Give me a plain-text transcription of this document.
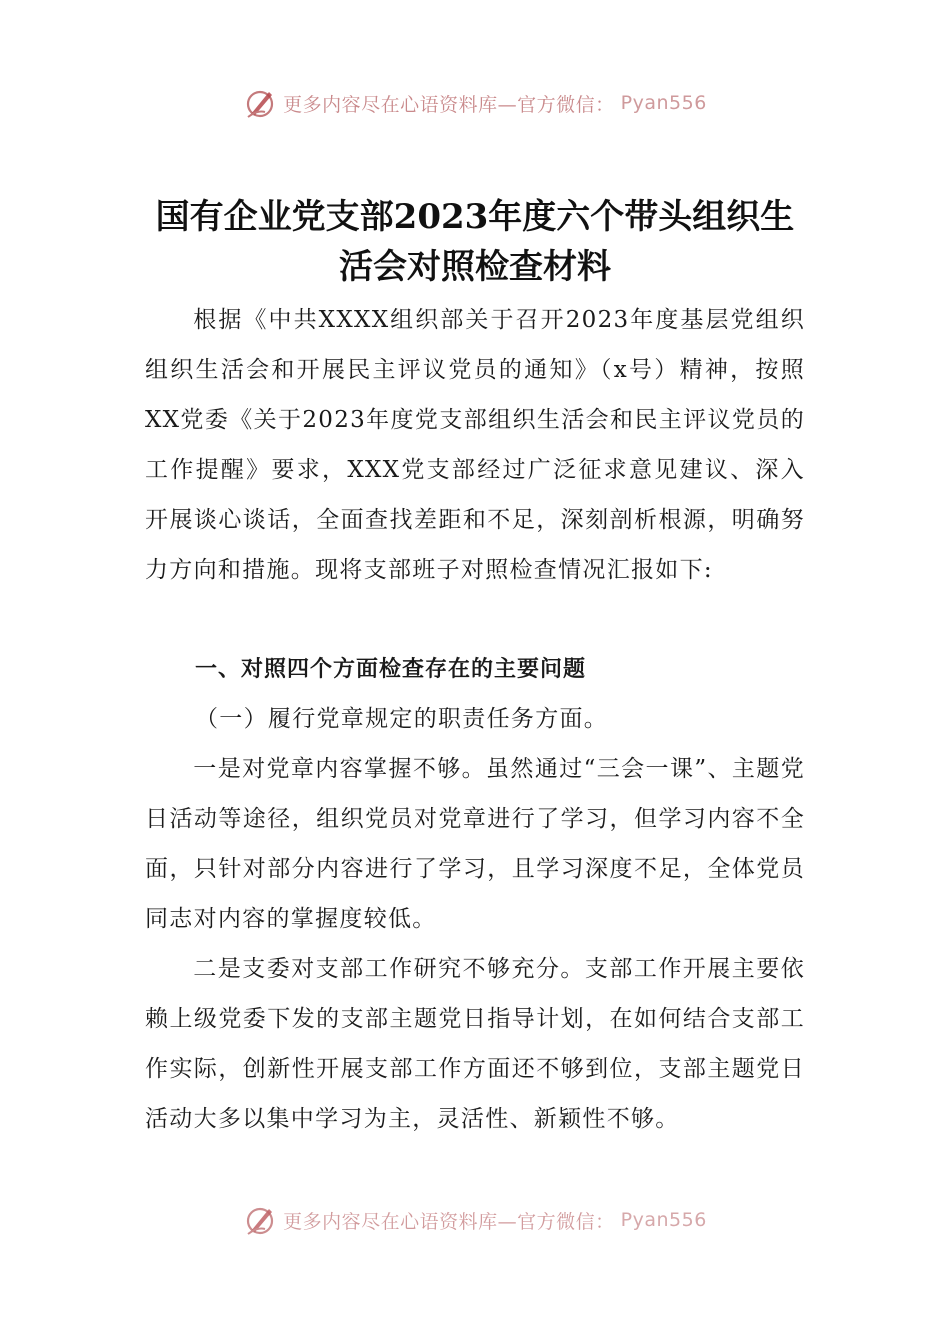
更多内容尽在心语资料库—官方微信： Pyan556
国有企业党支部2023年度六个带头组织生活会对照检查材料

根据《中共XXXX组织部关于召开2023年度基层党组织组织生活会和开展民主评议党员的通知》（x号）精神，按照XX党委《关于2023年度党支部组织生活会和民主评议党员的工作提醒》要求，XXX党支部经过广泛征求意见建议、深入开展谈心谈话，全面查找差距和不足，深刻剖析根源，明确努力方向和措施。现将支部班子对照检查情况汇报如下:

一、对照四个方面检查存在的主要问题

（一）履行党章规定的职责任务方面。

一是对党章内容掌握不够。虽然通过“三会一课”、主题党日活动等途径，组织党员对党章进行了学习，但学习内容不全面，只针对部分内容进行了学习，且学习深度不足，全体党员同志对内容的掌握度较低。

二是支委对支部工作研究不够充分。支部工作开展主要依赖上级党委下发的支部主题党日指导计划，在如何结合支部工作实际，创新性开展支部工作方面还不够到位，支部主题党日活动大多以集中学习为主，灵活性、新颖性不够。

更多内容尽在心语资料库—官方微信： Pyan556
